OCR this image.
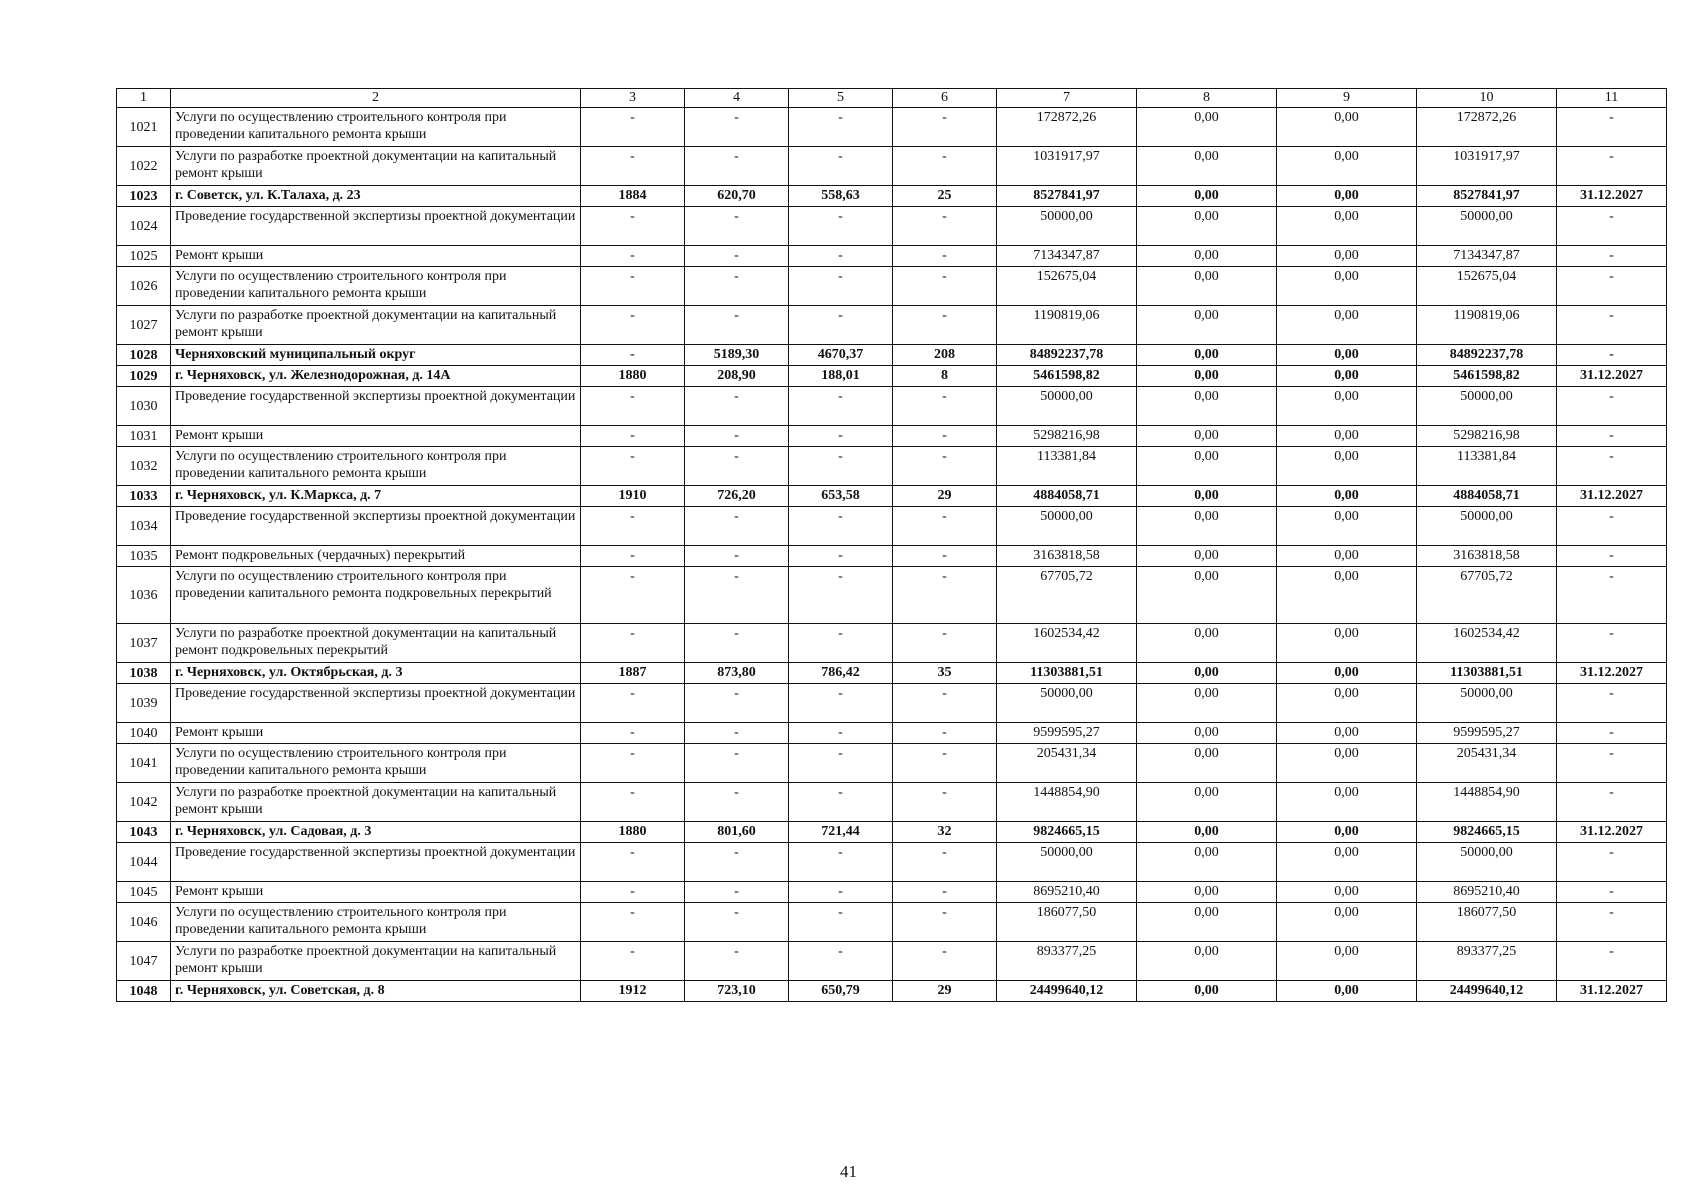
1	2	3	4	5	6	7	8	9	10	11
1021	Услуги по осуществлению строительного контроля при проведении капитального ремонта крыши	-	-	-	-	172872,26	0,00	0,00	172872,26	-
1022	Услуги по разработке проектной документации на капитальный ремонт крыши	-	-	-	-	1031917,97	0,00	0,00	1031917,97	-
1023	г. Советск, ул. К.Талаха, д. 23	1884	620,70	558,63	25	8527841,97	0,00	0,00	8527841,97	31.12.2027
1024	Проведение государственной экспертизы проектной документации	-	-	-	-	50000,00	0,00	0,00	50000,00	-
1025	Ремонт крыши	-	-	-	-	7134347,87	0,00	0,00	7134347,87	-
1026	Услуги по осуществлению строительного контроля при проведении капитального ремонта крыши	-	-	-	-	152675,04	0,00	0,00	152675,04	-
1027	Услуги по разработке проектной документации на капитальный ремонт крыши	-	-	-	-	1190819,06	0,00	0,00	1190819,06	-
1028	Черняховский муниципальный округ	-	5189,30	4670,37	208	84892237,78	0,00	0,00	84892237,78	-
1029	г. Черняховск, ул. Железнодорожная, д. 14А	1880	208,90	188,01	8	5461598,82	0,00	0,00	5461598,82	31.12.2027
1030	Проведение государственной экспертизы проектной документации	-	-	-	-	50000,00	0,00	0,00	50000,00	-
1031	Ремонт крыши	-	-	-	-	5298216,98	0,00	0,00	5298216,98	-
1032	Услуги по осуществлению строительного контроля при проведении капитального ремонта крыши	-	-	-	-	113381,84	0,00	0,00	113381,84	-
1033	г. Черняховск, ул. К.Маркса, д. 7	1910	726,20	653,58	29	4884058,71	0,00	0,00	4884058,71	31.12.2027
1034	Проведение государственной экспертизы проектной документации	-	-	-	-	50000,00	0,00	0,00	50000,00	-
1035	Ремонт подкровельных (чердачных) перекрытий	-	-	-	-	3163818,58	0,00	0,00	3163818,58	-
1036	Услуги по осуществлению строительного контроля при проведении капитального ремонта подкровельных перекрытий	-	-	-	-	67705,72	0,00	0,00	67705,72	-
1037	Услуги по разработке проектной документации на капитальный ремонт подкровельных перекрытий	-	-	-	-	1602534,42	0,00	0,00	1602534,42	-
1038	г. Черняховск, ул. Октябрьская, д. 3	1887	873,80	786,42	35	11303881,51	0,00	0,00	11303881,51	31.12.2027
1039	Проведение государственной экспертизы проектной документации	-	-	-	-	50000,00	0,00	0,00	50000,00	-
1040	Ремонт крыши	-	-	-	-	9599595,27	0,00	0,00	9599595,27	-
1041	Услуги по осуществлению строительного контроля при проведении капитального ремонта крыши	-	-	-	-	205431,34	0,00	0,00	205431,34	-
1042	Услуги по разработке проектной документации на капитальный ремонт крыши	-	-	-	-	1448854,90	0,00	0,00	1448854,90	-
1043	г. Черняховск, ул. Садовая, д. 3	1880	801,60	721,44	32	9824665,15	0,00	0,00	9824665,15	31.12.2027
1044	Проведение государственной экспертизы проектной документации	-	-	-	-	50000,00	0,00	0,00	50000,00	-
1045	Ремонт крыши	-	-	-	-	8695210,40	0,00	0,00	8695210,40	-
1046	Услуги по осуществлению строительного контроля при проведении капитального ремонта крыши	-	-	-	-	186077,50	0,00	0,00	186077,50	-
1047	Услуги по разработке проектной документации на капитальный ремонт крыши	-	-	-	-	893377,25	0,00	0,00	893377,25	-
1048	г. Черняховск, ул. Советская, д. 8	1912	723,10	650,79	29	24499640,12	0,00	0,00	24499640,12	31.12.2027
41
